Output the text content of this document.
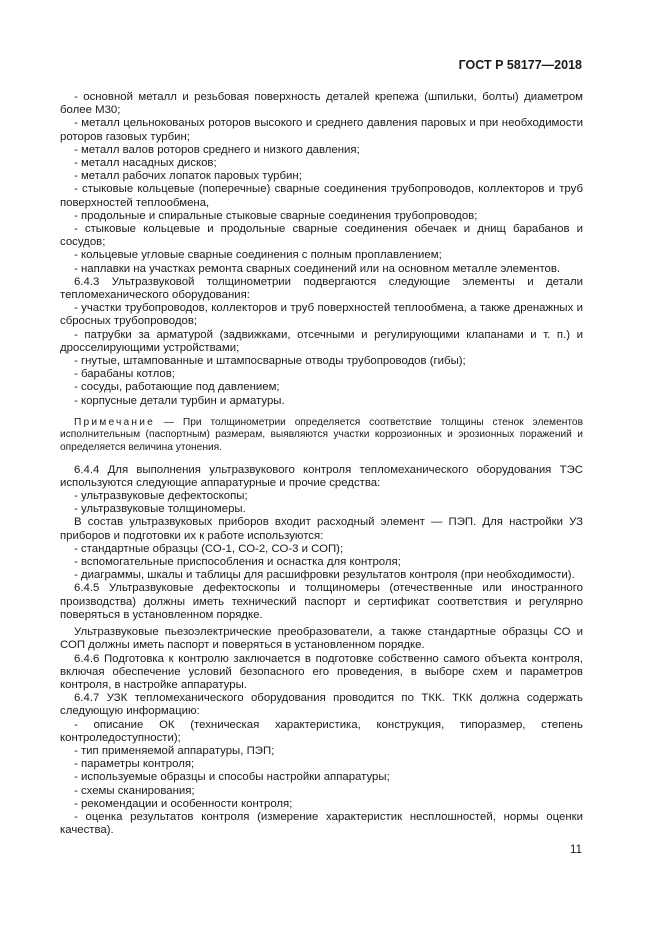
ГОСТ Р 58177—2018

- основной металл и резьбовая поверхность деталей крепежа (шпильки, болты) диаметром более М30;

- металл цельнокованых роторов высокого и среднего давления паровых и при необходимости роторов газовых турбин;

- металл валов роторов среднего и низкого давления;

- металл насадных дисков;

- металл рабочих лопаток паровых турбин;

- стыковые кольцевые (поперечные) сварные соединения трубопроводов, коллекторов и труб поверхностей теплообмена,

- продольные и спиральные стыковые сварные соединения трубопроводов;

- стыковые кольцевые и продольные сварные соединения обечаек и днищ барабанов и сосудов;

- кольцевые угловые сварные соединения с полным проплавлением;

- наплавки на участках ремонта сварных соединений или на основном металле элементов.

6.4.3 Ультразвуковой толщинометрии подвергаются следующие элементы и детали тепломеханического оборудования:

- участки трубопроводов, коллекторов и труб поверхностей теплообмена, а также дренажных и сбросных трубопроводов;

- патрубки за арматурой (задвижками, отсечными и регулирующими клапанами и т. п.) и дросселирующими устройствами;

- гнутые, штампованные и штампосварные отводы трубопроводов (гибы);

- барабаны котлов;

- сосуды, работающие под давлением;

- корпусные детали турбин и арматуры.

Примечание — При толщинометрии определяется соответствие толщины стенок элементов исполнительным (паспортным) размерам, выявляются участки коррозионных и эрозионных поражений и определяется величина утонения.

6.4.4 Для выполнения ультразвукового контроля тепломеханического оборудования ТЭС используются следующие аппаратурные и прочие средства:

- ультразвуковые дефектоскопы;

- ультразвуковые толщиномеры.

В состав ультразвуковых приборов входит расходный элемент — ПЭП. Для настройки УЗ приборов и подготовки их к работе используются:

- стандартные образцы (СО-1, СО-2, СО-3 и СОП);

- вспомогательные приспособления и оснастка для контроля;

- диаграммы, шкалы и таблицы для расшифровки результатов контроля (при необходимости).

6.4.5 Ультразвуковые дефектоскопы и толщиномеры (отечественные или иностранного производства) должны иметь технический паспорт и сертификат соответствия и регулярно поверяться в установленном порядке.

Ультразвуковые пьезоэлектрические преобразователи, а также стандартные образцы СО и СОП должны иметь паспорт и поверяться в установленном порядке.

6.4.6 Подготовка к контролю заключается в подготовке собственно самого объекта контроля, включая обеспечение условий безопасного его проведения, в выборе схем и параметров контроля, в настройке аппаратуры.

6.4.7 УЗК тепломеханического оборудования проводится по ТКК. ТКК должна содержать следующую информацию:

- описание ОК (техническая характеристика, конструкция, типоразмер, степень контроледоступности);

- тип применяемой аппаратуры, ПЭП;

- параметры контроля;

- используемые образцы и способы настройки аппаратуры;

- схемы сканирования;

- рекомендации и особенности контроля;

- оценка результатов контроля (измерение характеристик несплошностей, нормы оценки качества).

11
